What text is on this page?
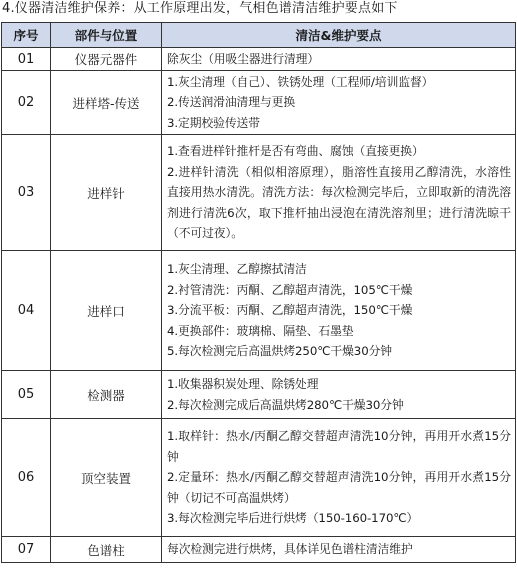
4.仪器清洁维护保养：从工作原理出发，气相色谱清洁维护要点如下
序号	部件与位置	清洁&维护要点
01	仪器元器件	除灰尘（用吸尘器进行清理）

02	进样塔-传送	1.灰尘清理（自己）、铁锈处理（工程师/培训监督）
2.传送润滑油清理与更换
3.定期校验传送带

03	进样针	1.查看进样针推杆是否有弯曲、腐蚀（直接更换）
2.进样针清洗（相似相溶原理），脂溶性直接用乙醇清洗，水溶性直接用热水清洗。清洗方法：每次检测完毕后，立即取新的清洗溶剂进行清洗6次，取下推杆抽出浸泡在清洗溶剂里；进行清洗晾干（不可过夜）。

04	进样口	1.灰尘清理、乙醇擦拭清洁
2.衬管清洗：丙酮、乙醇超声清洗，105℃干燥
3.分流平板：丙酮、乙醇超声清洗，150℃干燥
4.更换部件：玻璃棉、隔垫、石墨垫
5.每次检测完后高温烘烤250℃干燥30分钟

05	检测器	1.收集器积炭处理、除锈处理
2.每次检测完成后高温烘烤280℃干燥30分钟

06	顶空装置	1.取样针：热水/丙酮乙醇交替超声清洗10分钟，再用开水煮15分钟
2.定量环：热水/丙酮乙醇交替超声清洗10分钟，再用开水煮15分钟（切记不可高温烘烤）
3.每次检测完毕后进行烘烤（150-160-170℃）

07	色谱柱	每次检测完进行烘烤，具体详见色谱柱清洁维护
